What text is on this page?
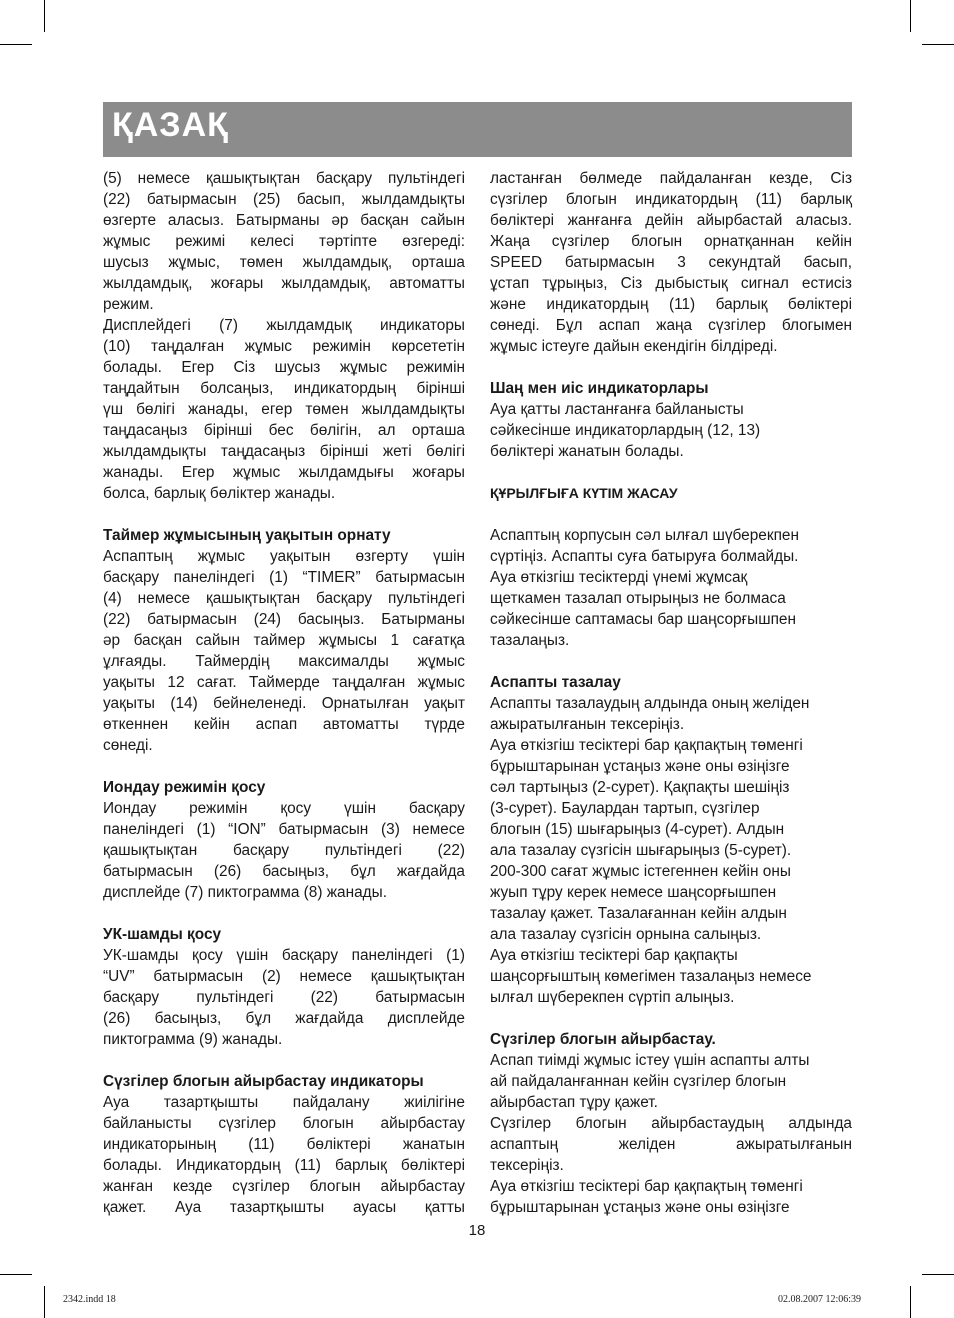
ҚАЗАҚ

(5) немесе қашықтықтан басқару пультіндегі

(22) батырмасын (25) басып, жылдамдықты

өзгерте аласыз. Батырманы әр басқан сайын

жұмыс режимі келесі тәртіпте өзгереді:

шусыз жұмыс, төмен жылдамдық, орташа

жылдамдық, жоғары жылдамдық, автоматты

режим.

Дисплейдегі (7) жылдамдық индикаторы

(10) таңдалған жұмыс режимін көрсететін

болады. Егер Сіз шусыз жұмыс режимін

таңдайтын болсаңыз, индикатордың бірінші

үш бөлігі жанады, егер төмен жылдамдықты

таңдасаңыз бірінші бес бөлігін, ал орташа

жылдамдықты таңдасаңыз бірінші жеті бөлігі

жанады. Егер жұмыс жылдамдығы жоғары

болса, барлық бөліктер жанады.

Таймер жұмысының уақытын орнату

Аспаптың жұмыс уақытын өзгерту үшін

басқару панеліндегі (1) “TIMER” батырмасын

(4) немесе қашықтықтан басқару пультіндегі

(22) батырмасын (24) басыңыз. Батырманы

әр басқан сайын таймер жұмысы 1 сағатқа

ұлғаяды. Таймердің максималды жұмыс

уақыты 12 сағат. Таймерде таңдалған жұмыс

уақыты (14) бейнеленеді. Орнатылған уақыт

өткеннен кейін аспап автоматты түрде

сөнеді.

Иондау режимін қосу

Иондау режимін қосу үшін басқару

панеліндегі (1) “ION” батырмасын (3) немесе

қашықтықтан басқару пультіндегі (22)

батырмасын (26) басыңыз, бұл жағдайда

дисплейде (7) пиктограмма (8) жанады.

УК-шамды қосу

УК-шамды қосу үшін басқару панеліндегі (1)

“UV” батырмасын (2) немесе қашықтықтан

басқару пультіндегі (22) батырмасын

(26) басыңыз, бұл жағдайда дисплейде

пиктограмма (9) жанады.

Сүзгілер блогын айырбастау индикаторы

Ауа тазартқышты пайдалану жиілігіне

байланысты сүзгілер блогын айырбастау

индикаторының (11) бөліктері жанатын

болады. Индикатордың (11) барлық бөліктері

жанған кезде сүзгілер блогын айырбастау

қажет. Ауа тазартқышты ауасы қатты

ластанған бөлмеде пайдаланған кезде, Сіз

сүзгілер блогын индикатордың (11) барлық

бөліктері жанғанға дейін айырбастай аласыз.

Жаңа сүзгілер блогын орнатқаннан кейін

SPEED батырмасын 3 секундтай басып,

ұстап тұрыңыз, Сіз дыбыстық сигнал естисіз

және индикатордың (11) барлық бөліктері

сөнеді. Бұл аспап жаңа сүзгілер блогымен

жұмыс істеуге дайын екендігін білдіреді.

Шаң мен иіс индикаторлары

Ауа қатты ластанғанға байланысты

сәйкесінше индикаторлардың (12, 13)

бөліктері жанатын болады.

ҚҰРЫЛҒЫҒА КҮТІМ ЖАСАУ

Аспаптың корпусын сәл ылғал шүберекпен

сүртіңіз. Аспапты суға батыруға болмайды.

Ауа өткізгіш тесіктерді үнемі жұмсақ

щеткамен тазалап отырыңыз не болмаса

сәйкесінше саптамасы бар шаңсорғышпен

тазалаңыз.

Аспапты тазалау

Аспапты тазалаудың алдында оның желіден

ажыратылғанын тексеріңіз.

Ауа өткізгіш тесіктері бар қақпақтың төменгі

бұрыштарынан ұстаңыз және оны өзіңізге

сәл тартыңыз (2-сурет). Қақпақты шешіңіз

(3-сурет). Баулардан тартып, сүзгілер

блогын (15) шығарыңыз (4-сурет). Алдын

ала тазалау сүзгісін шығарыңыз (5-сурет).

200-300 сағат жұмыс істегеннен кейін оны

жуып тұру керек немесе шаңсорғышпен

тазалау қажет. Тазалағаннан кейін алдын

ала тазалау сүзгісін орнына салыңыз.

Ауа өткізгіш тесіктері бар қақпақты

шаңсорғыштың көмегімен тазалаңыз немесе

ылғал шүберекпен сүртіп алыңыз.

Сүзгілер блогын айырбастау.

Аспап тиімді жұмыс істеу үшін аспапты алты

ай пайдаланғаннан кейін сүзгілер блогын

айырбастап тұру қажет.

Сүзгілер блогын айырбастаудың алдында

аспаптың желіден ажыратылғанын

тексеріңіз.

Ауа өткізгіш тесіктері бар қақпақтың төменгі

бұрыштарынан ұстаңыз және оны өзіңізге

18
2342.indd 18	02.08.2007 12:06:39
